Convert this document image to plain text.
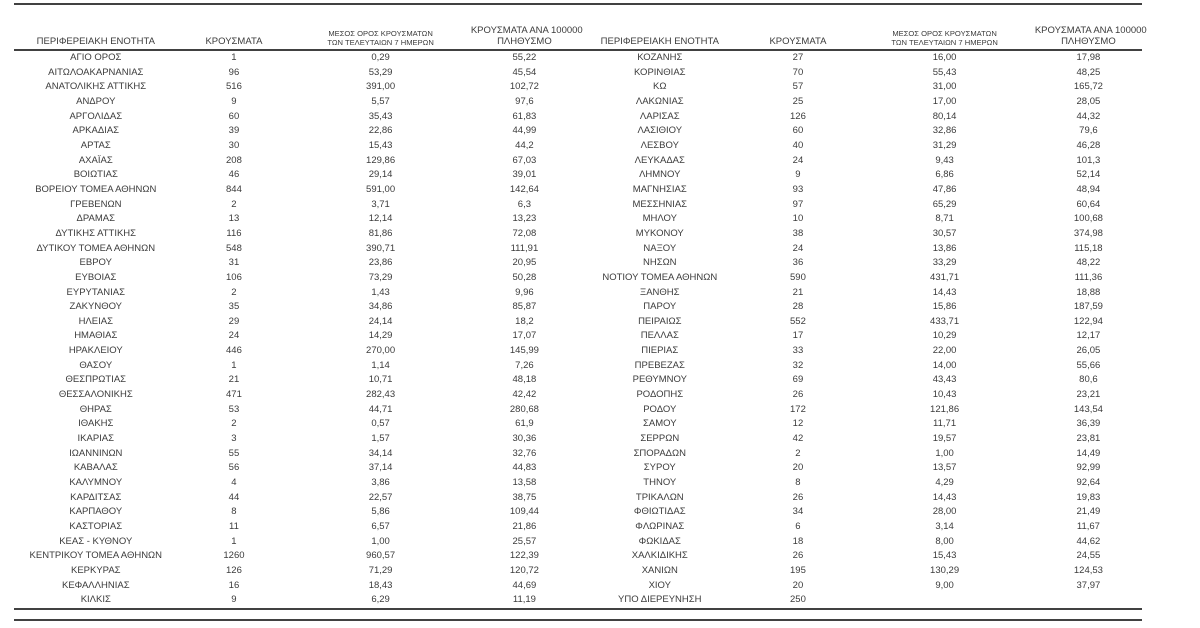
ΠΕΡΙΦΕΡΕΙΑΚΗ ΕΝΟΤΗΤΑ	ΚΡΟΥΣΜΑΤΑ	ΜΕΣΟΣ ΟΡΟΣ ΚΡΟΥΣΜΑΤΩΝ
ΤΩΝ ΤΕΛΕΥΤΑΙΩΝ 7 ΗΜΕΡΩΝ	ΚΡΟΥΣΜΑΤΑ ΑΝΑ 100000
ΠΛΗΘΥΣΜΟ

ΑΓΙΟ ΟΡΟΣ	1	0,29	55,22
ΑΙΤΩΛΟΑΚΑΡΝΑΝΙΑΣ	96	53,29	45,54
ΑΝΑΤΟΛΙΚΗΣ ΑΤΤΙΚΗΣ	516	391,00	102,72
ΑΝΔΡΟΥ	9	5,57	97,6
ΑΡΓΟΛΙΔΑΣ	60	35,43	61,83
ΑΡΚΑΔΙΑΣ	39	22,86	44,99
ΑΡΤΑΣ	30	15,43	44,2
ΑΧΑΪΑΣ	208	129,86	67,03
ΒΟΙΩΤΙΑΣ	46	29,14	39,01
ΒΟΡΕΙΟΥ ΤΟΜΕΑ ΑΘΗΝΩΝ	844	591,00	142,64
ΓΡΕΒΕΝΩΝ	2	3,71	6,3
ΔΡΑΜΑΣ	13	12,14	13,23
ΔΥΤΙΚΗΣ ΑΤΤΙΚΗΣ	116	81,86	72,08
ΔΥΤΙΚΟΥ ΤΟΜΕΑ ΑΘΗΝΩΝ	548	390,71	111,91
ΕΒΡΟΥ	31	23,86	20,95
ΕΥΒΟΙΑΣ	106	73,29	50,28
ΕΥΡΥΤΑΝΙΑΣ	2	1,43	9,96
ΖΑΚΥΝΘΟΥ	35	34,86	85,87
ΗΛΕΙΑΣ	29	24,14	18,2
ΗΜΑΘΙΑΣ	24	14,29	17,07
ΗΡΑΚΛΕΙΟΥ	446	270,00	145,99
ΘΑΣΟΥ	1	1,14	7,26
ΘΕΣΠΡΩΤΙΑΣ	21	10,71	48,18
ΘΕΣΣΑΛΟΝΙΚΗΣ	471	282,43	42,42
ΘΗΡΑΣ	53	44,71	280,68
ΙΘΑΚΗΣ	2	0,57	61,9
ΙΚΑΡΙΑΣ	3	1,57	30,36
ΙΩΑΝΝΙΝΩΝ	55	34,14	32,76
ΚΑΒΑΛΑΣ	56	37,14	44,83
ΚΑΛΥΜΝΟΥ	4	3,86	13,58
ΚΑΡΔΙΤΣΑΣ	44	22,57	38,75
ΚΑΡΠΑΘΟΥ	8	5,86	109,44
ΚΑΣΤΟΡΙΑΣ	11	6,57	21,86
ΚΕΑΣ - ΚΥΘΝΟΥ	1	1,00	25,57
ΚΕΝΤΡΙΚΟΥ ΤΟΜΕΑ ΑΘΗΝΩΝ	1260	960,57	122,39
ΚΕΡΚΥΡΑΣ	126	71,29	120,72
ΚΕΦΑΛΛΗΝΙΑΣ	16	18,43	44,69
ΚΙΛΚΙΣ	9	6,29	11,19
ΠΕΡΙΦΕΡΕΙΑΚΗ ΕΝΟΤΗΤΑ	ΚΡΟΥΣΜΑΤΑ	ΜΕΣΟΣ ΟΡΟΣ ΚΡΟΥΣΜΑΤΩΝ
ΤΩΝ ΤΕΛΕΥΤΑΙΩΝ 7 ΗΜΕΡΩΝ	ΚΡΟΥΣΜΑΤΑ ΑΝΑ 100000
ΠΛΗΘΥΣΜΟ

ΚΟΖΑΝΗΣ	27	16,00	17,98
ΚΟΡΙΝΘΙΑΣ	70	55,43	48,25
ΚΩ	57	31,00	165,72
ΛΑΚΩΝΙΑΣ	25	17,00	28,05
ΛΑΡΙΣΑΣ	126	80,14	44,32
ΛΑΣΙΘΙΟΥ	60	32,86	79,6
ΛΕΣΒΟΥ	40	31,29	46,28
ΛΕΥΚΑΔΑΣ	24	9,43	101,3
ΛΗΜΝΟΥ	9	6,86	52,14
ΜΑΓΝΗΣΙΑΣ	93	47,86	48,94
ΜΕΣΣΗΝΙΑΣ	97	65,29	60,64
ΜΗΛΟΥ	10	8,71	100,68
ΜΥΚΟΝΟΥ	38	30,57	374,98
ΝΑΞΟΥ	24	13,86	115,18
ΝΗΣΩΝ	36	33,29	48,22
ΝΟΤΙΟΥ ΤΟΜΕΑ ΑΘΗΝΩΝ	590	431,71	111,36
ΞΑΝΘΗΣ	21	14,43	18,88
ΠΑΡΟΥ	28	15,86	187,59
ΠΕΙΡΑΙΩΣ	552	433,71	122,94
ΠΕΛΛΑΣ	17	10,29	12,17
ΠΙΕΡΙΑΣ	33	22,00	26,05
ΠΡΕΒΕΖΑΣ	32	14,00	55,66
ΡΕΘΥΜΝΟΥ	69	43,43	80,6
ΡΟΔΟΠΗΣ	26	10,43	23,21
ΡΟΔΟΥ	172	121,86	143,54
ΣΑΜΟΥ	12	11,71	36,39
ΣΕΡΡΩΝ	42	19,57	23,81
ΣΠΟΡΑΔΩΝ	2	1,00	14,49
ΣΥΡΟΥ	20	13,57	92,99
ΤΗΝΟΥ	8	4,29	92,64
ΤΡΙΚΑΛΩΝ	26	14,43	19,83
ΦΘΙΩΤΙΔΑΣ	34	28,00	21,49
ΦΛΩΡΙΝΑΣ	6	3,14	11,67
ΦΩΚΙΔΑΣ	18	8,00	44,62
ΧΑΛΚΙΔΙΚΗΣ	26	15,43	24,55
ΧΑΝΙΩΝ	195	130,29	124,53
ΧΙΟΥ	20	9,00	37,97
ΥΠΟ ΔΙΕΡΕΥΝΗΣΗ	250		
